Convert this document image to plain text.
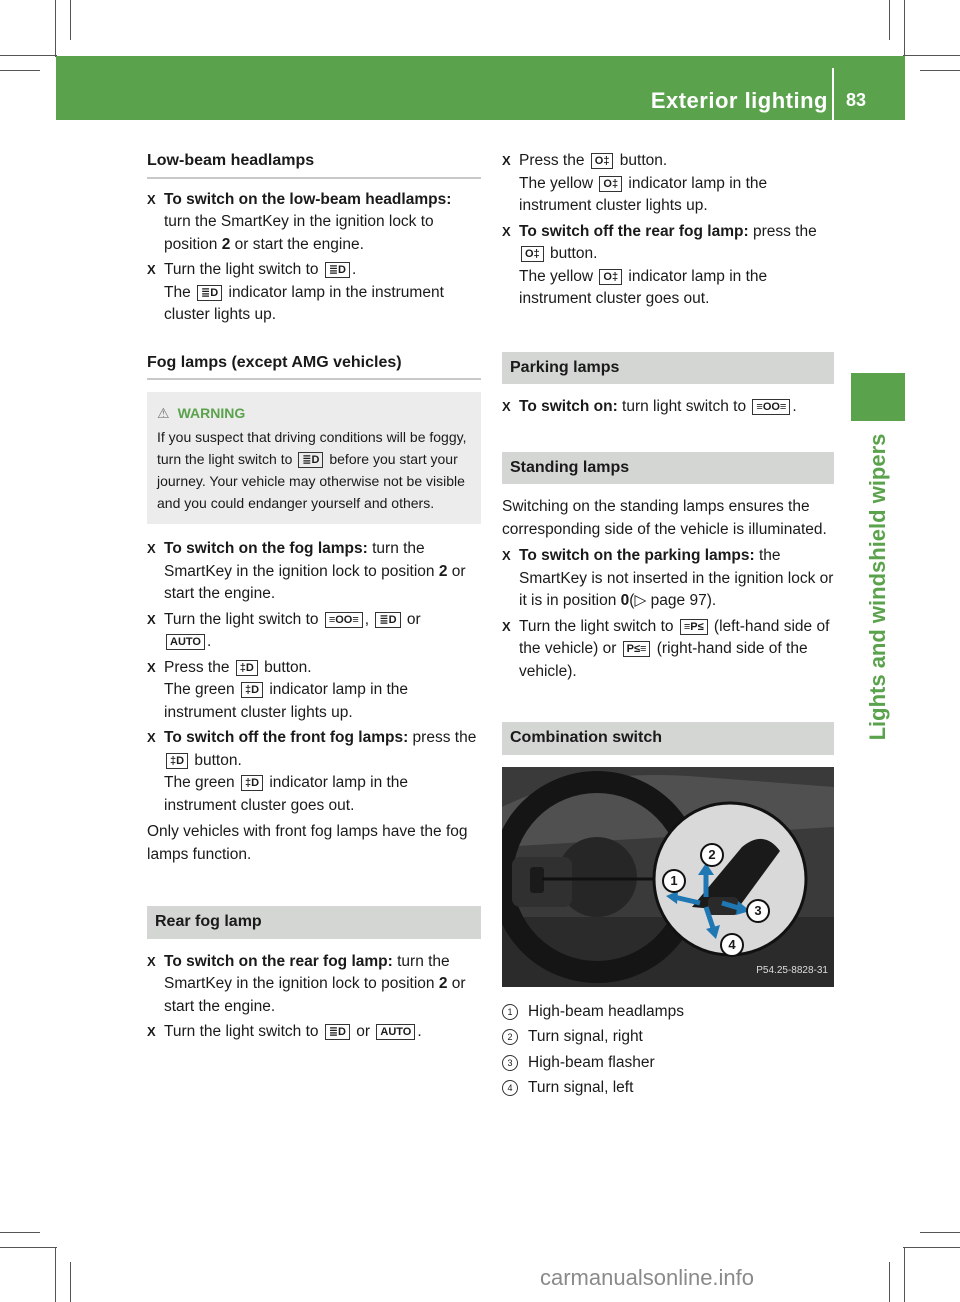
Exterior lighting 83
Lights and windshield wipers
Low-beam headlamps
X To switch on the low-beam headlamps: turn the SmartKey in the ignition lock to position 2 or start the engine.
X Turn the light switch to ≣D .
The ≣D indicator lamp in the instrument cluster lights up.
Fog lamps (except AMG vehicles)
⚠ WARNING
If you suspect that driving conditions will be foggy, turn the light switch to ≣D before you start your journey. Your vehicle may otherwise not be visible and you could endanger yourself and others.
X To switch on the fog lamps: turn the SmartKey in the ignition lock to position 2 or start the engine.
X Turn the light switch to ≡OO≡ , ≣D or
AUTO .
X Press the ‡D button.
The green ‡D indicator lamp in the instrument cluster lights up.
X To switch off the front fog lamps: press the ‡D button.
The green ‡D indicator lamp in the instrument cluster goes out.
Only vehicles with front fog lamps have the fog lamps function.
Rear fog lamp
X To switch on the rear fog lamp: turn the SmartKey in the ignition lock to position 2 or start the engine.
X Turn the light switch to ≣D or AUTO .
X Press the O‡ button.
The yellow O‡ indicator lamp in the instrument cluster lights up.
X To switch off the rear fog lamp: press the O‡ button.
The yellow O‡ indicator lamp in the instrument cluster goes out.
Parking lamps
X To switch on: turn light switch to ≡OO≡ .
Standing lamps
Switching on the standing lamps ensures the corresponding side of the vehicle is illuminated.
X To switch on the parking lamps: the SmartKey is not inserted in the ignition lock or it is in position 0(▷ page 97).
X Turn the light switch to ≡P≤ (left-hand side of the vehicle) or P≤≡ (right-hand side of the vehicle).
Combination switch
1
2
3
4
P54.25-8828-31
1	High-beam headlamps
2	Turn signal, right
3	High-beam flasher
4	Turn signal, left
carmanualsonline.info
